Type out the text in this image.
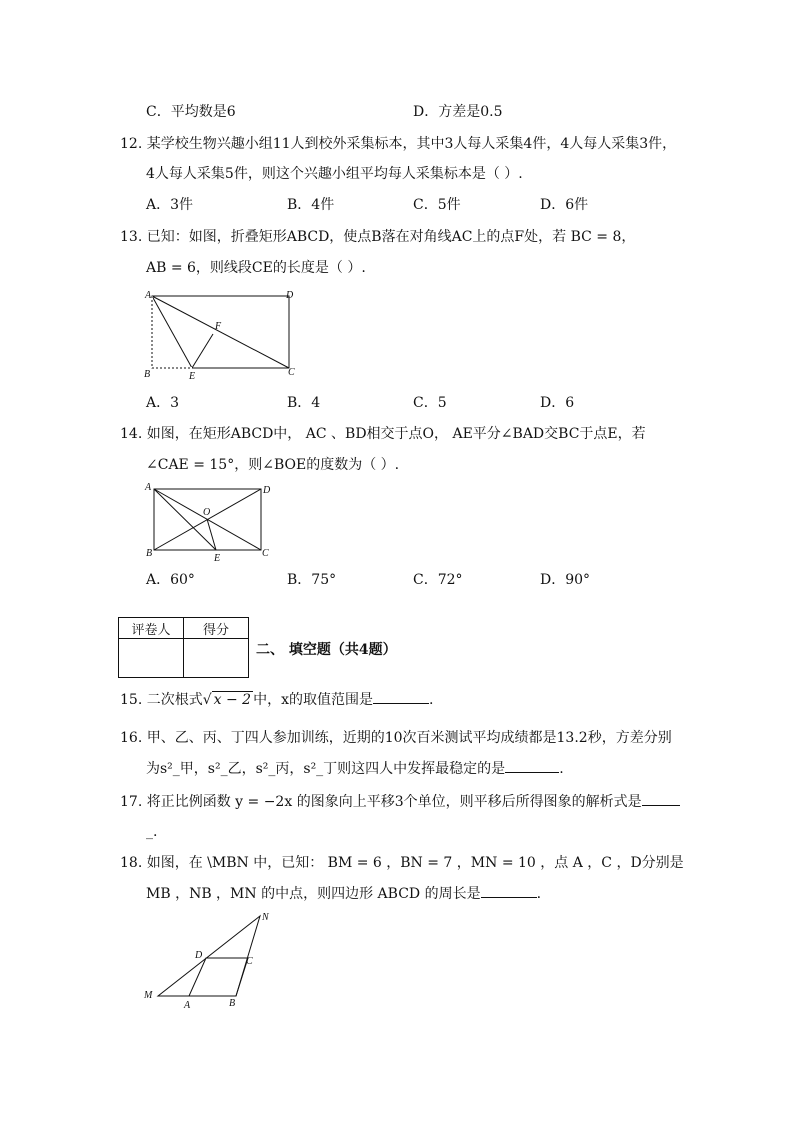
C．平均数是6	D．方差是0.5
12. 某学校生物兴趣小组11人到校外采集标本，其中3人每人采集4件，4人每人采集3件，
4人每人采集5件，则这个兴趣小组平均每人采集标本是（ ）.
A．3件	B．4件	C．5件	D．6件
13. 已知：如图，折叠矩形ABCD，使点B落在对角线AC上的点F处，若 BC = 8，
AB = 6，则线段CE的长度是（ ）.
A	D
F
B	E	C
A．3	B．4	C．5	D．6
14. 如图，在矩形ABCD中， AC 、BD相交于点O， AE平分∠BAD交BC于点E，若
∠CAE = 15°，则∠BOE的度数为（ ）.
A	D
O
B	E	C
A．60°	B．75°	C．72°	D．90°
评卷人	得分

二、 填空题（共4题）
15. 二次根式√ x − 2 中，x的取值范围是	.
16. 甲、乙、丙、丁四人参加训练，近期的10次百米测试平均成绩都是13.2秒，方差分别
为s²_甲，s²_乙，s²_丙，s²_丁则这四人中发挥最稳定的是	.
17. 将正比例函数 y = −2x 的图象向上平移3个单位，则平移后所得图象的解析式是
_.
18. 如图，在 \MBN 中，已知： BM = 6 ，BN = 7 ，MN = 10 ，点 A ，C ，D分别是
MB ，NB ，MN 的中点，则四边形 ABCD 的周长是	.
N
D
C
M
A	B
